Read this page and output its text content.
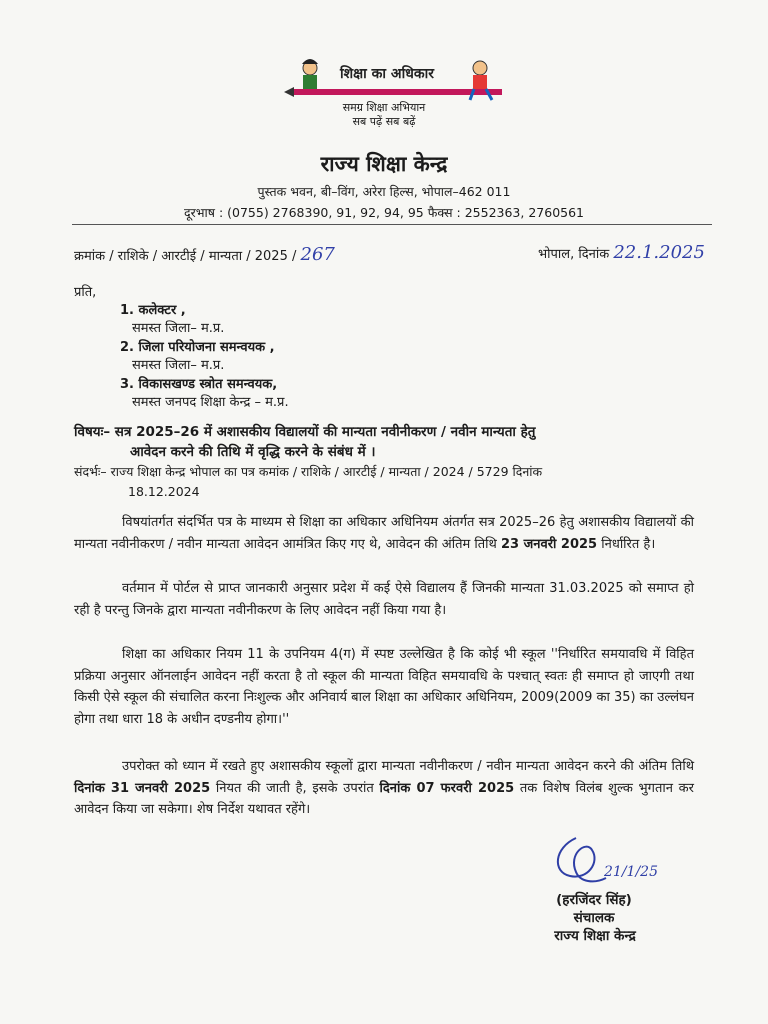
शिक्षा का अधिकार
समग्र शिक्षा अभियान
सब पढ़ें सब बढ़ें
राज्य शिक्षा केन्द्र
पुस्तक भवन, बी–विंग, अरेरा हिल्स, भोपाल–462 011
दूरभाष : (0755) 2768390, 91, 92, 94, 95 फैक्स : 2552363, 2760561
क्रमांक / राशिके / आरटीई / मान्यता / 2025 / 267	भोपाल, दिनांक 22.1.2025
प्रति,
1. कलेक्टर ,
समस्त जिला– म.प्र.
2. जिला परियोजना समन्वयक ,
समस्त जिला– म.प्र.
3. विकासखण्ड स्त्रोत समन्वयक,
समस्त जनपद शिक्षा केन्द्र – म.प्र.
विषयः– सत्र 2025–26 में अशासकीय विद्यालयों की मान्यता नवीनीकरण / नवीन मान्यता हेतु
आवेदन करने की तिथि में वृद्धि करने के संबंध में ।
संदर्भः– राज्य शिक्षा केन्द्र भोपाल का पत्र कमांक / राशिके / आरटीई / मान्यता / 2024 / 5729 दिनांक
18.12.2024
विषयांतर्गत संदर्भित पत्र के माध्यम से शिक्षा का अधिकार अधिनियम अंतर्गत सत्र 2025–26 हेतु अशासकीय विद्यालयों की मान्यता नवीनीकरण / नवीन मान्यता आवेदन आमंत्रित किए गए थे, आवेदन की अंतिम तिथि 23 जनवरी 2025 निर्धारित है।
वर्तमान में पोर्टल से प्राप्त जानकारी अनुसार प्रदेश में कई ऐसे विद्यालय हैं जिनकी मान्यता 31.03.2025 को समाप्त हो रही है परन्तु जिनके द्वारा मान्यता नवीनीकरण के लिए आवेदन नहीं किया गया है।
शिक्षा का अधिकार नियम 11 के उपनियम 4(ग) में स्पष्ट उल्लेखित है कि कोई भी स्कूल ''निर्धारित समयावधि में विहित प्रक्रिया अनुसार ऑनलाईन आवेदन नहीं करता है तो स्कूल की मान्यता विहित समयावधि के पश्चात् स्वतः ही समाप्त हो जाएगी तथा किसी ऐसे स्कूल की संचालित करना निःशुल्क और अनिवार्य बाल शिक्षा का अधिकार अधिनियम, 2009(2009 का 35) का उल्लंघन होगा तथा धारा 18 के अधीन दण्डनीय होगा।''
उपरोक्त को ध्यान में रखते हुए अशासकीय स्कूलों द्वारा मान्यता नवीनीकरण / नवीन मान्यता आवेदन करने की अंतिम तिथि दिनांक 31 जनवरी 2025 नियत की जाती है, इसके उपरांत दिनांक 07 फरवरी 2025 तक विशेष विलंब शुल्क भुगतान कर आवेदन किया जा सकेगा। शेष निर्देश यथावत रहेंगे।
21/1/25
(हरजिंदर सिंह)
संचालक
राज्य शिक्षा केन्द्र
